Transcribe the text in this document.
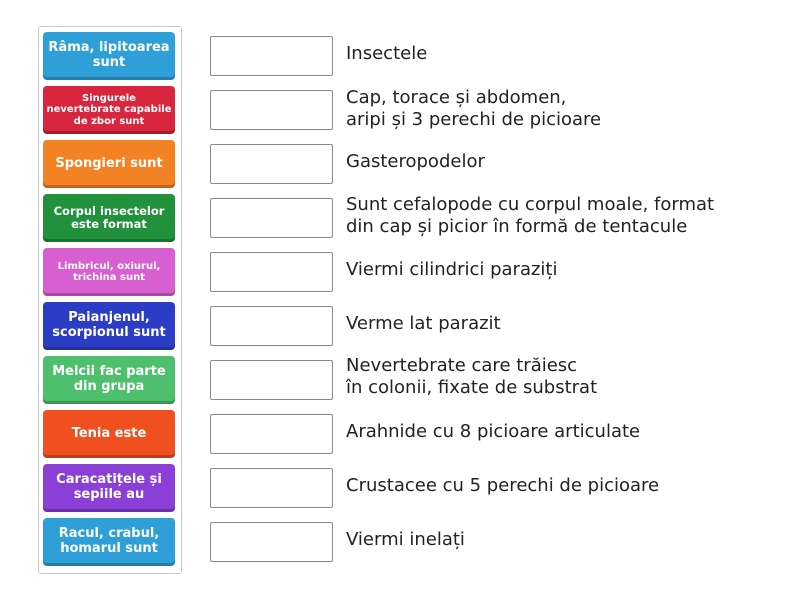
Râma, lipitoarea sunt
Singurele nevertebrate capabile de zbor sunt
Spongieri sunt
Corpul insectelor este format
Limbricul, oxiurul, trichina sunt
Paianjenul, scorpionul sunt
Melcii fac parte din grupa
Tenia este
Caracatițele și sepiile au
Racul, crabul, homarul sunt
Insectele
Cap, torace și abdomen,
aripi și 3 perechi de picioare
Gasteropodelor
Sunt cefalopode cu corpul moale, format
din cap și picior în formă de tentacule
Viermi cilindrici paraziți
Verme lat parazit
Nevertebrate care trăiesc
în colonii, fixate de substrat
Arahnide cu 8 picioare articulate
Crustacee cu 5 perechi de picioare
Viermi inelați
